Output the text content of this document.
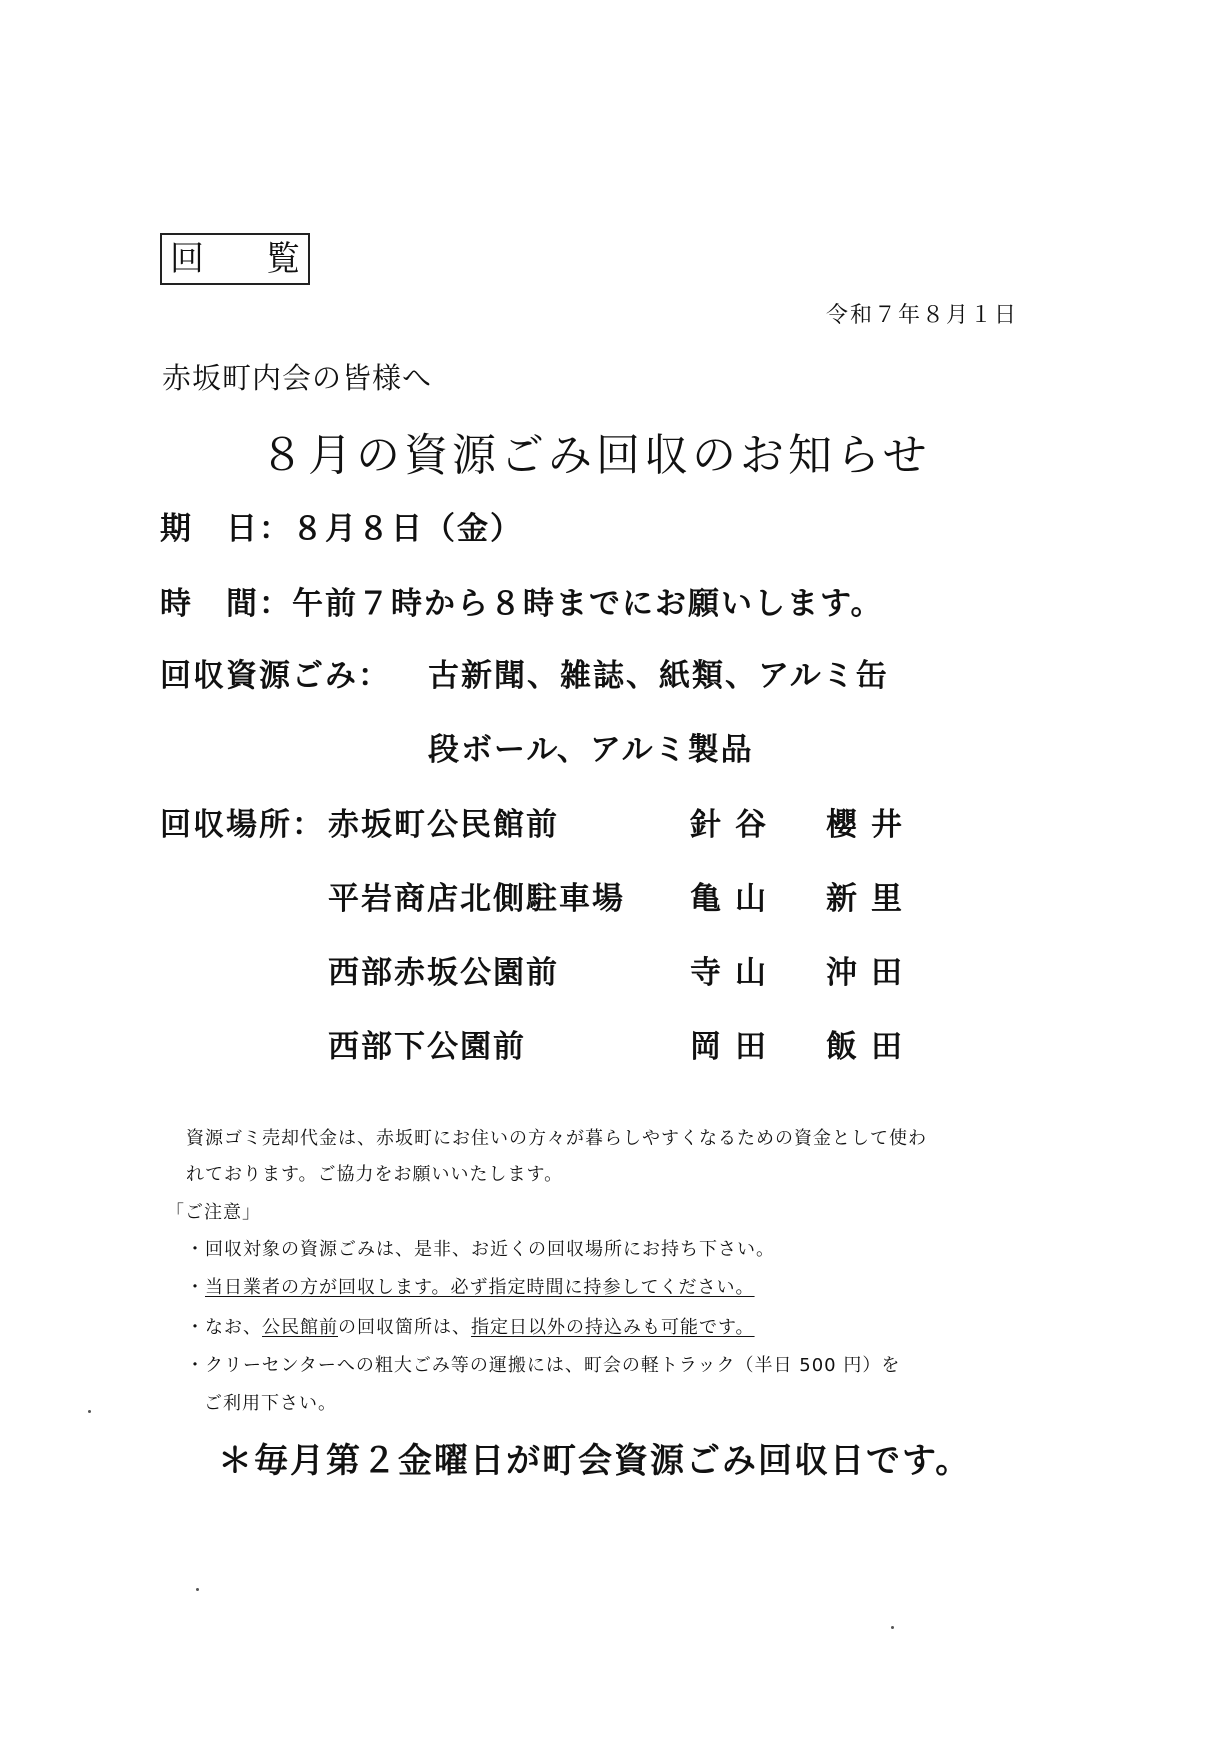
回 覧
令和７年８月１日
赤坂町内会の皆様へ
８月の資源ごみ回収のお知らせ
期　日：８月８日（金）
時　間：午前７時から８時までにお願いします。
回収資源ごみ： 古新聞、雑誌、紙類、アルミ缶
段ボール、アルミ製品
回収場所： 赤坂町公民館前	針谷 櫻井
平岩商店北側駐車場 亀山 新里
西部赤坂公園前	寺山 沖田
西部下公園前	岡田 飯田
資源ゴミ売却代金は、赤坂町にお住いの方々が暮らしやすくなるための資金として使わ
れております。ご協力をお願いいたします。
「ご注意」
・回収対象の資源ごみは、是非、お近くの回収場所にお持ち下さい。
・当日業者の方が回収します。必ず指定時間に持参してください。
・なお、公民館前の回収箇所は、指定日以外の持込みも可能です。
・クリーセンターへの粗大ごみ等の運搬には、町会の軽トラック（半日 500 円）を
ご利用下さい。
＊毎月第２金曜日が町会資源ごみ回収日です。
